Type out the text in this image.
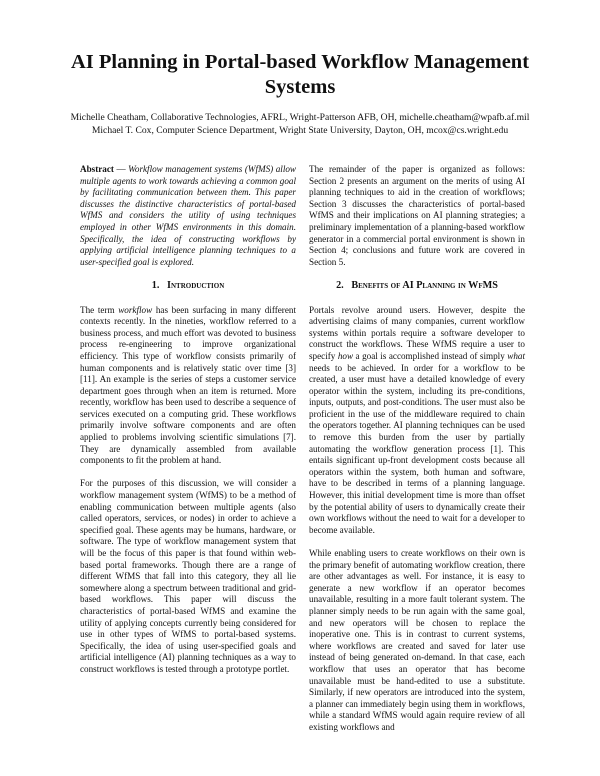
AI Planning in Portal-based Workflow Management Systems
Michelle Cheatham, Collaborative Technologies, AFRL, Wright-Patterson AFB, OH, michelle.cheatham@wpafb.af.mil
Michael T. Cox, Computer Science Department, Wright State University, Dayton, OH, mcox@cs.wright.edu

Abstract — Workflow management systems (WfMS) allow multiple agents to work towards achieving a common goal by facilitating communication between them. This paper discusses the distinctive characteristics of portal-based WfMS and considers the utility of using techniques employed in other WfMS environments in this domain. Specifically, the idea of constructing workflows by applying artificial intelligence planning techniques to a user-specified goal is explored.

1. Introduction

The term workflow has been surfacing in many different contexts recently. In the nineties, workflow referred to a business process, and much effort was devoted to business process re-engineering to improve organizational efficiency. This type of workflow consists primarily of human components and is relatively static over time [3] [11]. An example is the series of steps a customer service department goes through when an item is returned. More recently, workflow has been used to describe a sequence of services executed on a computing grid. These workflows primarily involve software components and are often applied to problems involving scientific simulations [7]. They are dynamically assembled from available components to fit the problem at hand.

For the purposes of this discussion, we will consider a workflow management system (WfMS) to be a method of enabling communication between multiple agents (also called operators, services, or nodes) in order to achieve a specified goal. These agents may be humans, hardware, or software. The type of workflow management system that will be the focus of this paper is that found within web-based portal frameworks. Though there are a range of different WfMS that fall into this category, they all lie somewhere along a spectrum between traditional and grid-based workflows. This paper will discuss the characteristics of portal-based WfMS and examine the utility of applying concepts currently being considered for use in other types of WfMS to portal-based systems. Specifically, the idea of using user-specified goals and artificial intelligence (AI) planning techniques as a way to construct workflows is tested through a prototype portlet.

The remainder of the paper is organized as follows: Section 2 presents an argument on the merits of using AI planning techniques to aid in the creation of workflows; Section 3 discusses the characteristics of portal-based WfMS and their implications on AI planning strategies; a preliminary implementation of a planning-based workflow generator in a commercial portal environment is shown in Section 4; conclusions and future work are covered in Section 5.

2. Benefits of AI Planning in WfMS

Portals revolve around users. However, despite the advertising claims of many companies, current workflow systems within portals require a software developer to construct the workflows. These WfMS require a user to specify how a goal is accomplished instead of simply what needs to be achieved. In order for a workflow to be created, a user must have a detailed knowledge of every operator within the system, including its pre-conditions, inputs, outputs, and post-conditions. The user must also be proficient in the use of the middleware required to chain the operators together. AI planning techniques can be used to remove this burden from the user by partially automating the workflow generation process [1]. This entails significant up-front development costs because all operators within the system, both human and software, have to be described in terms of a planning language. However, this initial development time is more than offset by the potential ability of users to dynamically create their own workflows without the need to wait for a developer to become available.

While enabling users to create workflows on their own is the primary benefit of automating workflow creation, there are other advantages as well. For instance, it is easy to generate a new workflow if an operator becomes unavailable, resulting in a more fault tolerant system. The planner simply needs to be run again with the same goal, and new operators will be chosen to replace the inoperative one. This is in contrast to current systems, where workflows are created and saved for later use instead of being generated on-demand. In that case, each workflow that uses an operator that has become unavailable must be hand-edited to use a substitute. Similarly, if new operators are introduced into the system, a planner can immediately begin using them in workflows, while a standard WfMS would again require review of all existing workflows and
